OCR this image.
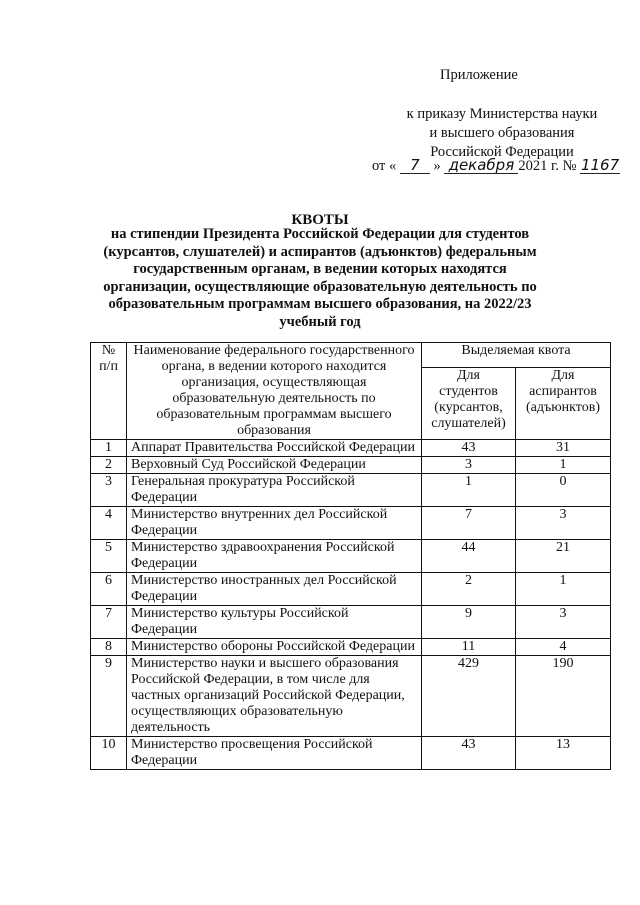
Приложение
к приказу Министерства науки
и высшего образования
Российской Федерации
от « 7 » декабря 2021 г. № 1167
КВОТЫ
на стипендии Президента Российской Федерации для студентов (курсантов, слушателей) и аспирантов (адъюнктов) федеральным государственным органам, в ведении которых находятся организации, осуществляющие образовательную деятельность по образовательным программам высшего образования, на 2022/23 учебный год
№ п/п	Наименование федерального государственного органа, в ведении которого находится организация, осуществляющая образовательную деятельность по образовательным программам высшего образования	Выделяемая квота	
		Для студентов (курсантов, слушателей)	Для аспирантов (адъюнктов)
1	Аппарат Правительства Российской Федерации	43	31
2	Верховный Суд Российской Федерации	3	1
3	Генеральная прокуратура Российской Федерации	1	0
4	Министерство внутренних дел Российской Федерации	7	3
5	Министерство здравоохранения Российской Федерации	44	21
6	Министерство иностранных дел Российской Федерации	2	1
7	Министерство культуры Российской Федерации	9	3
8	Министерство обороны Российской Федерации	11	4
9	Министерство науки и высшего образования Российской Федерации, в том числе для частных организаций Российской Федерации, осуществляющих образовательную деятельность	429	190
10	Министерство просвещения Российской Федерации	43	13
